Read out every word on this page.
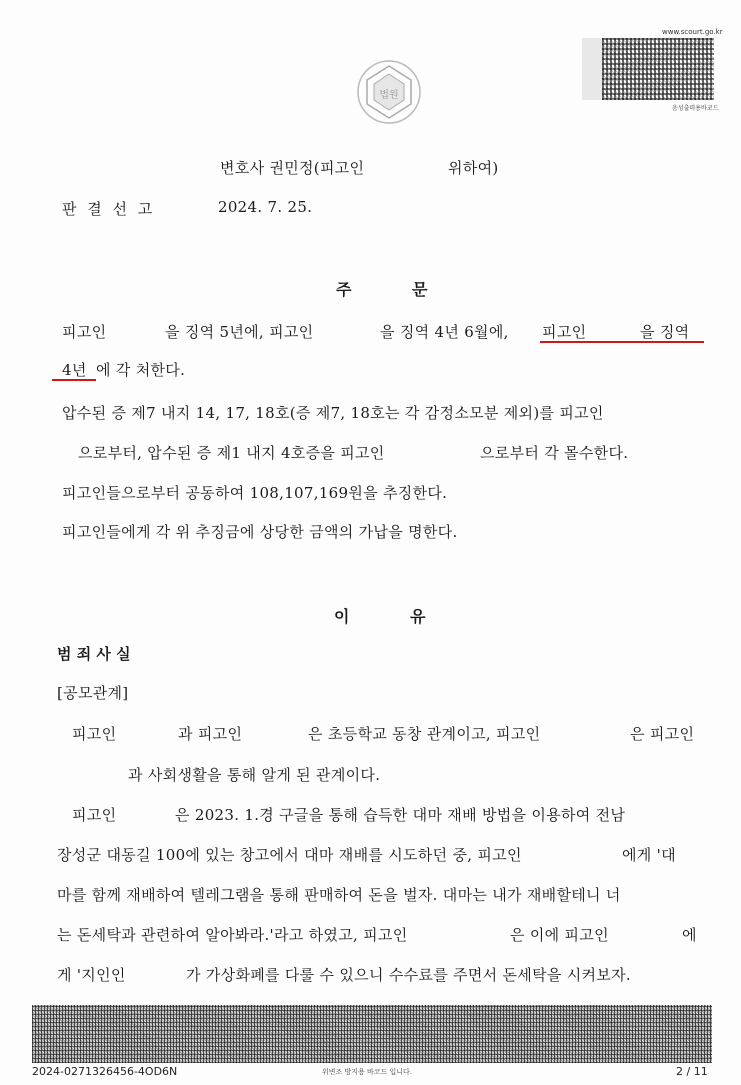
법원
www.scourt.go.kr
음성출력용바코드
변호사 권민정(피고인	위하여)
판 결 선 고	2024. 7. 25.
주	문
피고인	을 징역 5년에, 피고인	을 징역 4년 6월에, 피고인	을 징역
4년 에 각 처한다.
압수된 증 제7 내지 14, 17, 18호(증 제7, 18호는 각 감정소모분 제외)를 피고인
으로부터, 압수된 증 제1 내지 4호증을 피고인	으로부터 각 몰수한다.
피고인들으로부터 공동하여 108,107,169원을 추징한다.
피고인들에게 각 위 추징금에 상당한 금액의 가납을 명한다.
이	유
범 죄 사 실
[공모관계]
피고인	과 피고인	은 초등학교 동창 관계이고, 피고인	은 피고인
과 사회생활을 통해 알게 된 관계이다.
피고인	은 2023. 1.경 구글을 통해 습득한 대마 재배 방법을 이용하여 전남
장성군 대동길 100에 있는 창고에서 대마 재배를 시도하던 중, 피고인	에게 '대
마를 함께 재배하여 텔레그램을 통해 판매하여 돈을 벌자. 대마는 내가 재배할테니 너
는 돈세탁과 관련하여 알아봐라.'라고 하였고, 피고인	은 이에 피고인	에
게 '지인인	가 가상화폐를 다룰 수 있으니 수수료를 주면서 돈세탁을 시켜보자.
2024-0271326456-4OD6N	위변조 방지용 바코드 입니다.	2 / 11
